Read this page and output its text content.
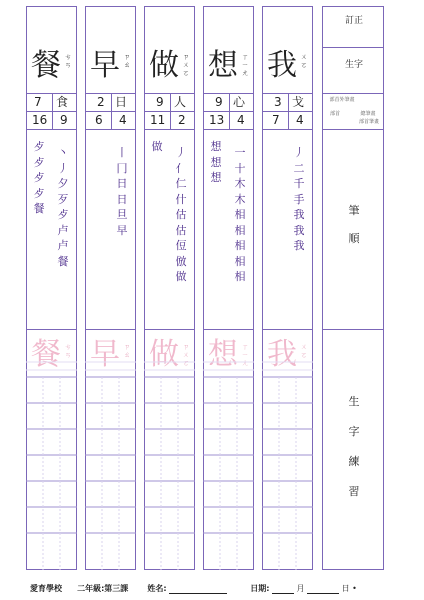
餐 ㄘㄢ
7 食
16 9
歺
歺
歺
歺
餐
丶
丿
夕
歹
歺
卢
卢
餐
餐 ㄘㄢ
早 ㄗㄠ
2 日
6 4
丨
冂
日
日
旦
早
早 ㄗㄠ
做 ㄗㄨㄛ
9 人
11 2
做 丿
亻
仁
什
估
估
侸
倣
做
做 ㄗㄨㄛ
想 ㄒㄧㄤ
9 心
13 4
想
想
想
一
十
木
木
相
相
相
相
相
想 ㄒㄧㄤ
我 ㄨㄛ
3 戈
7 4
丿
二
千
手
我
我
我
我 ㄨㄛ
訂正
生字
部首外筆畫
部首	總筆畫
部首筆畫
筆 順
生 字 練 習
愛育學校 二年級:第三課 姓名:	日期:	月	日 •
